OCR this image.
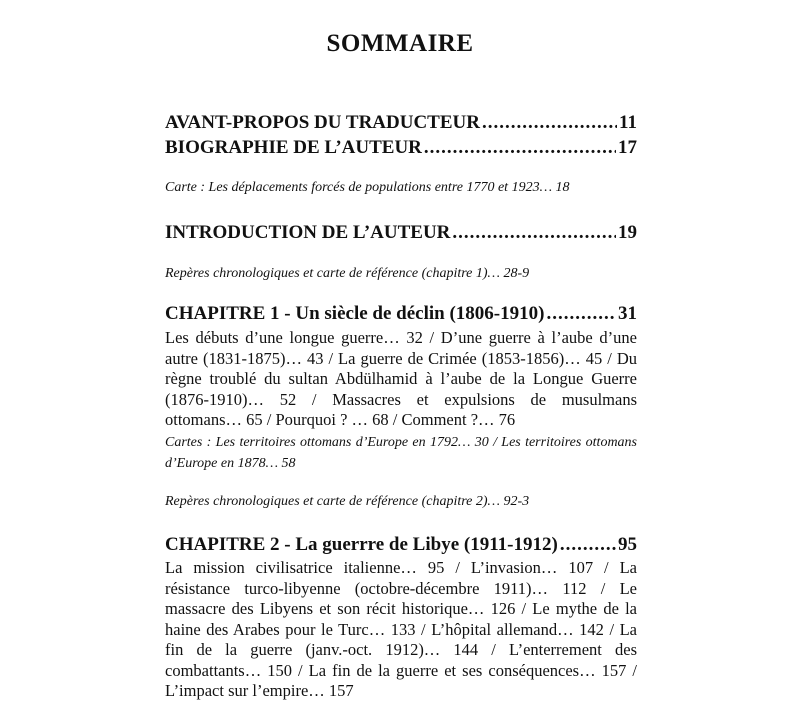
SOMMAIRE
AVANT-PROPOS DU TRADUCTEUR .....	11
BIOGRAPHIE DE L’AUTEUR .....	17
Carte : Les déplacements forcés de populations entre 1770 et 1923… 18
INTRODUCTION DE L’AUTEUR .....	19
Repères chronologiques et carte de référence (chapitre 1)… 28-9
CHAPITRE 1 - Un siècle de déclin (1806-1910) .....	31
Les débuts d’une longue guerre… 32 / D’une guerre à l’aube d’une autre (1831-1875)… 43 / La guerre de Crimée (1853-1856)… 45 / Du règne troublé du sultan Abdülhamid à l’aube de la Longue Guerre (1876-1910)… 52 / Massacres et expulsions de musulmans ottomans… 65 / Pourquoi ? … 68 / Comment ?… 76
Cartes : Les territoires ottomans d’Europe en 1792… 30 / Les territoires ottomans d’Europe en 1878… 58
Repères chronologiques et carte de référence (chapitre 2)… 92-3
CHAPITRE 2 - La guerrre de Libye (1911-1912) .....	95
La mission civilisatrice italienne… 95 / L’invasion… 107 / La résistance turco-libyenne (octobre-décembre 1911)… 112 / Le massacre des Libyens et son récit historique… 126 / Le mythe de la haine des Arabes pour le Turc… 133 / L’hôpital allemand… 142 / La fin de la guerre (janv.-oct. 1912)… 144 / L’enterrement des combattants… 150 / La fin de la guerre et ses conséquences… 157 / L’impact sur l’empire… 157
